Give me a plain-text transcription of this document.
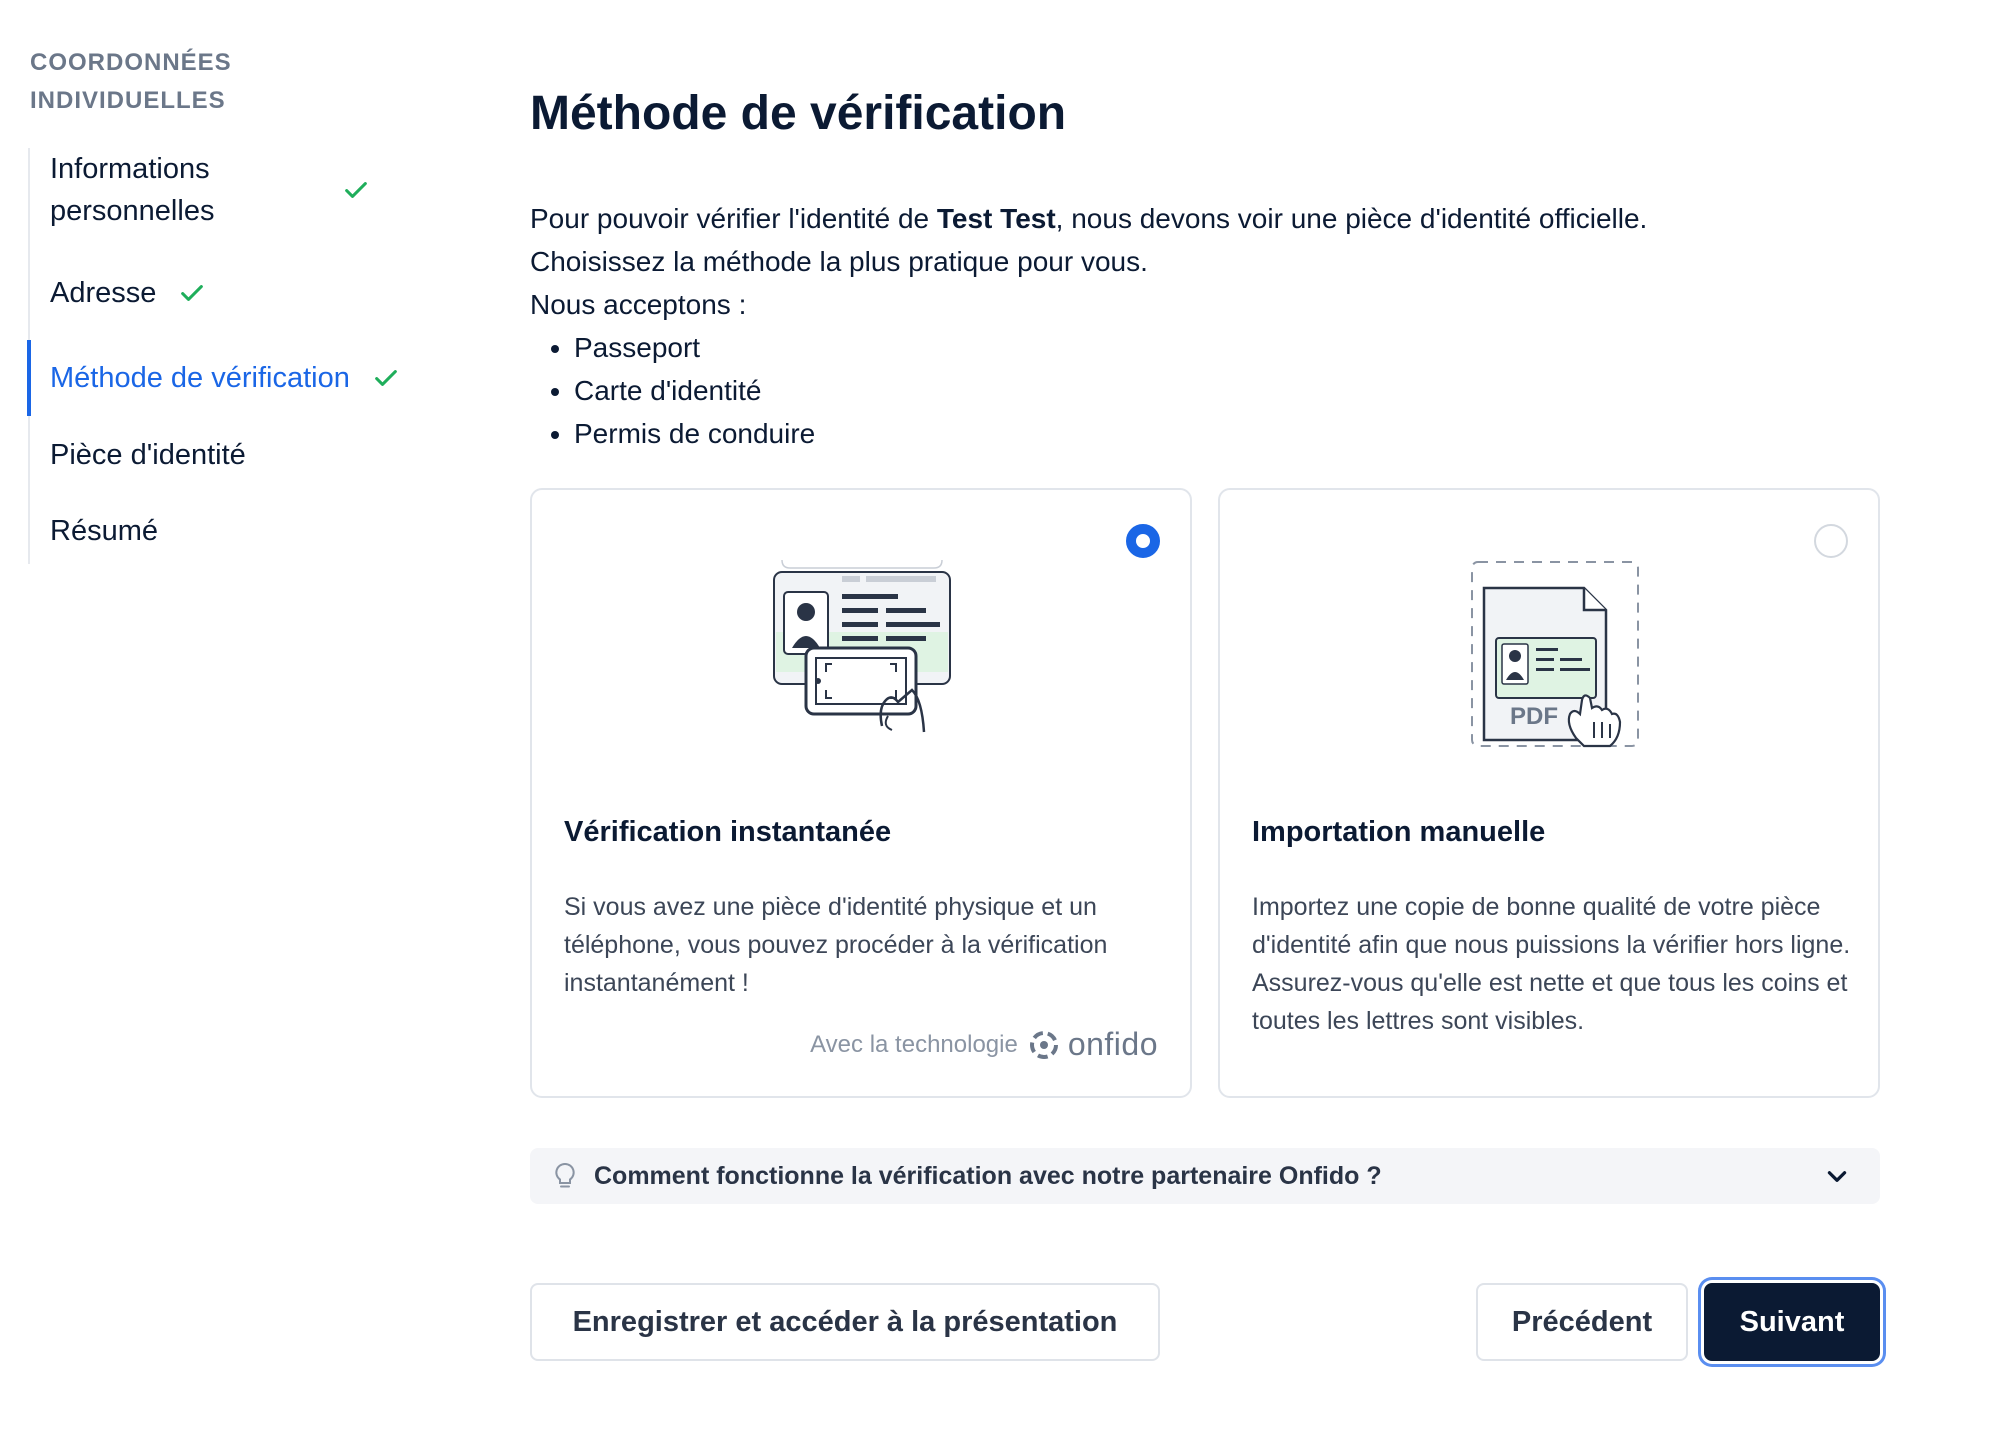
COORDONNÉES INDIVIDUELLES
Informations personnelles
Adresse
Méthode de vérification
Pièce d'identité
Résumé
Méthode de vérification

Pour pouvoir vérifier l'identité de Test Test, nous devons voir une pièce d'identité officielle.

Choisissez la méthode la plus pratique pour vous.

Nous acceptons :

• Passeport
• Carte d'identité
• Permis de conduire
Vérification instantanée
Si vous avez une pièce d'identité physique et un téléphone, vous pouvez procéder à la vérification instantanément !
Avec la technologie onfido
PDF
Importation manuelle
Importez une copie de bonne qualité de votre pièce d'identité afin que nous puissions la vérifier hors ligne. Assurez-vous qu'elle est nette et que tous les coins et toutes les lettres sont visibles.
Comment fonctionne la vérification avec notre partenaire Onfido ?
Enregistrer et accéder à la présentation	Précédent	Suivant
